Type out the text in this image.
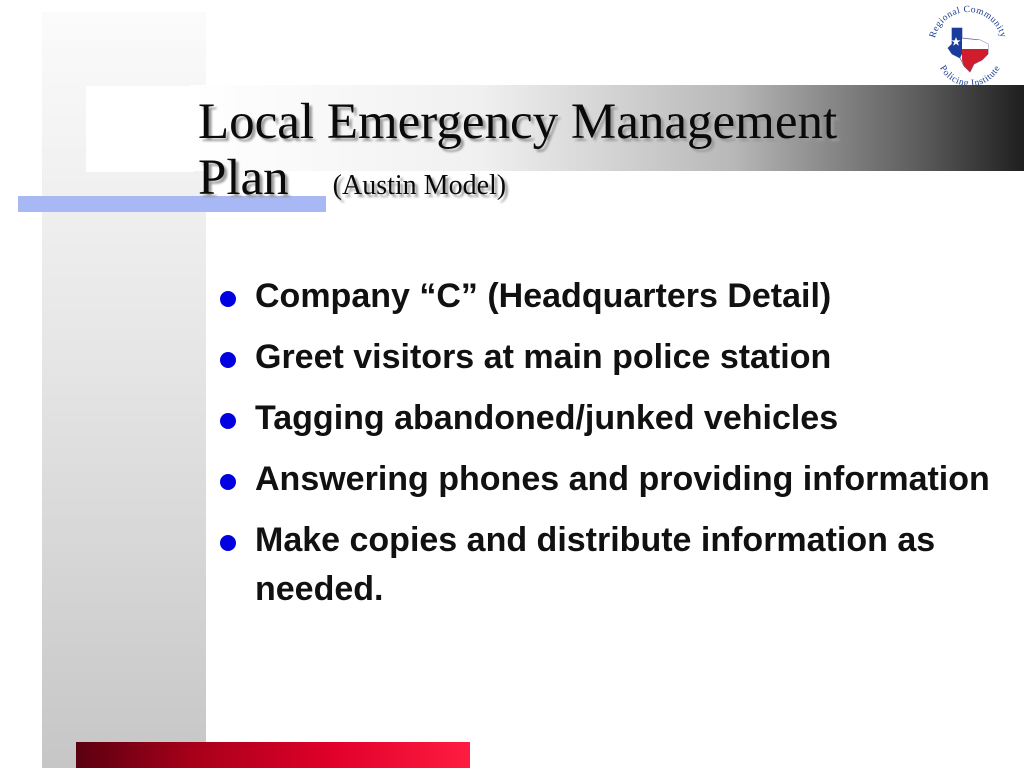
Local Emergency Management
Plan (Austin Model)
Company “C” (Headquarters Detail)
Greet visitors at main police station
Tagging abandoned/junked vehicles
Answering phones and providing information
Make copies and distribute information as needed.
Regional Community
Policing Institute
